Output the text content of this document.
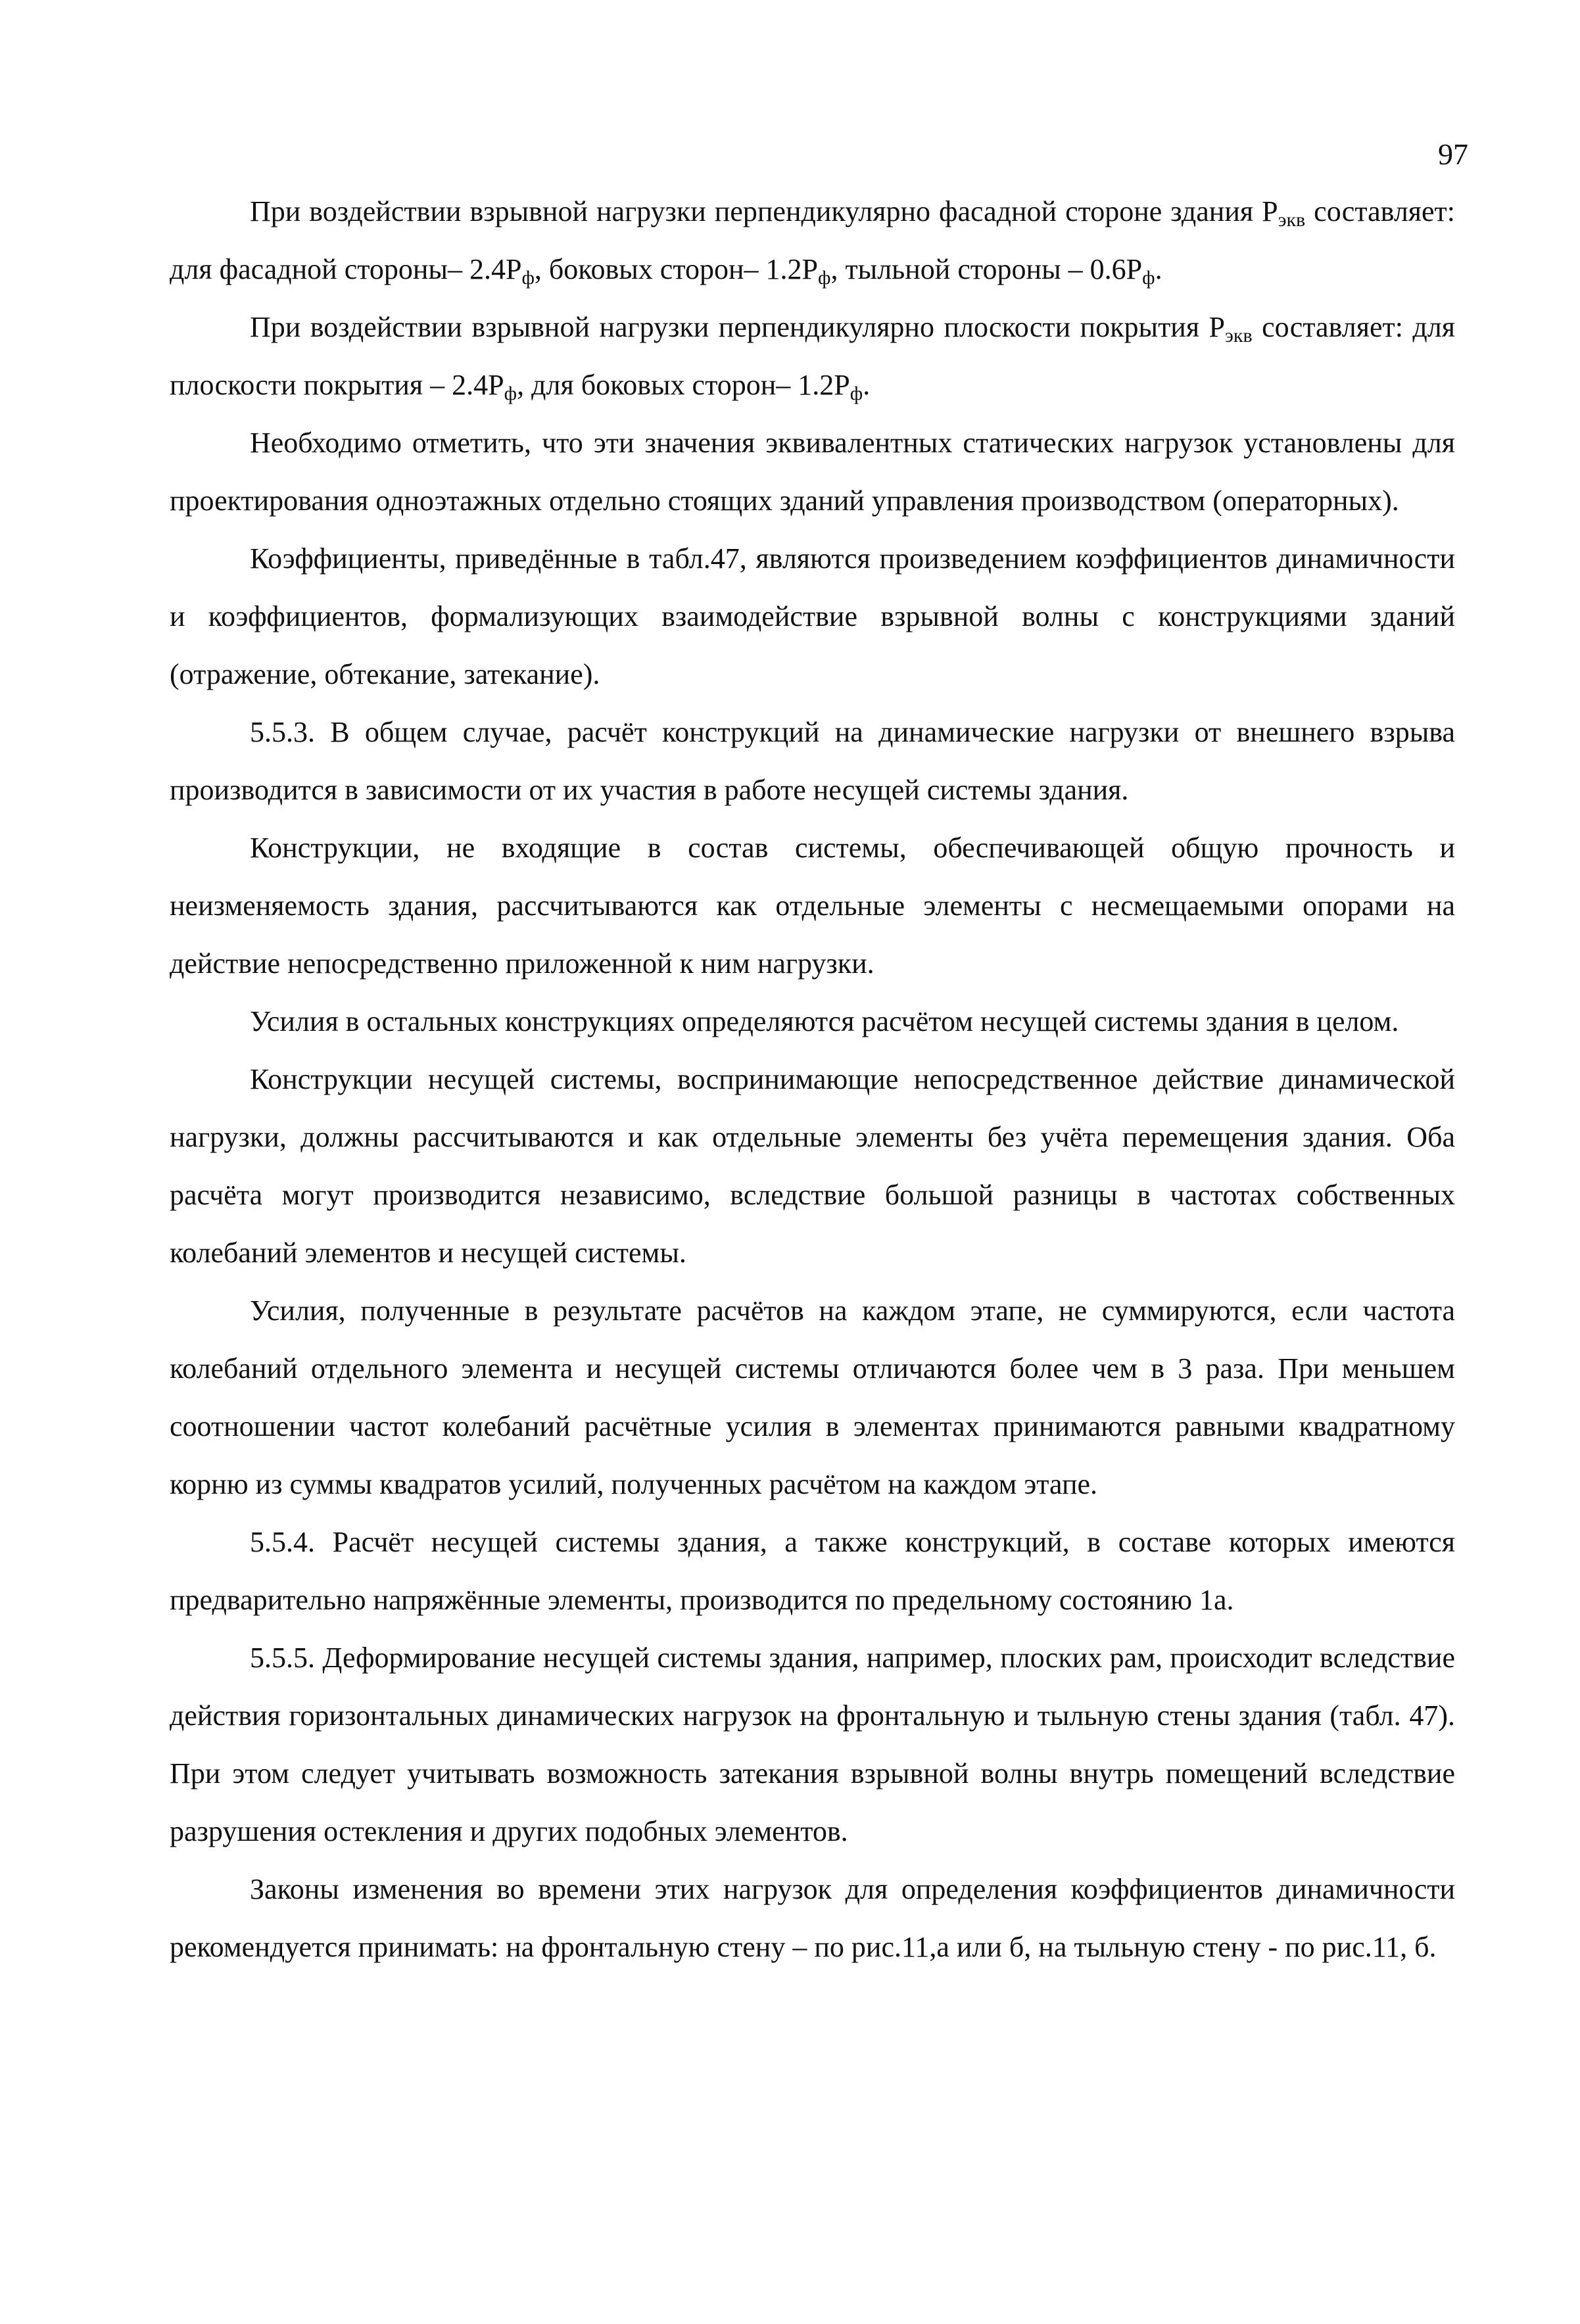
97

При воздействии взрывной нагрузки перпендикулярно фасадной стороне здания $P_{экв}$ составляет: для фасадной стороны– $2.4P_ф$, боковых сторон– $1.2P_ф$, тыльной стороны – $0.6P_ф$.

При воздействии взрывной нагрузки перпендикулярно плоскости покрытия $P_{экв}$ составляет: для плоскости покрытия – $2.4P_ф$, для боковых сторон– $1.2P_ф$.

Необходимо отметить, что эти значения эквивалентных статических нагрузок установлены для проектирования одноэтажных отдельно стоящих зданий управления производством (операторных).

Коэффициенты, приведённые в табл.47, являются произведением коэффициентов динамичности и коэффициентов, формализующих взаимодействие взрывной волны с конструкциями зданий (отражение, обтекание, затекание).

5.5.3. В общем случае, расчёт конструкций на динамические нагрузки от внешнего взрыва производится в зависимости от их участия в работе несущей системы здания.

Конструкции, не входящие в состав системы, обеспечивающей общую прочность и неизменяемость здания, рассчитываются как отдельные элементы с несмещаемыми опорами на действие непосредственно приложенной к ним нагрузки.

Усилия в остальных конструкциях определяются расчётом несущей системы здания в целом.

Конструкции несущей системы, воспринимающие непосредственное действие динамической нагрузки, должны рассчитываются и как отдельные элементы без учёта перемещения здания. Оба расчёта могут производится независимо, вследствие большой разницы в частотах собственных колебаний элементов и несущей системы.

Усилия, полученные в результате расчётов на каждом этапе, не суммируются, если частота колебаний отдельного элемента и несущей системы отличаются более чем в 3 раза. При меньшем соотношении частот колебаний расчётные усилия в элементах принимаются равными квадратному корню из суммы квадратов усилий, полученных расчётом на каждом этапе.

5.5.4. Расчёт несущей системы здания, а также конструкций, в составе которых имеются предварительно напряжённые элементы, производится по предельному состоянию 1а.

5.5.5. Деформирование несущей системы здания, например, плоских рам, происходит вследствие действия горизонтальных динамических нагрузок на фронтальную и тыльную стены здания (табл. 47). При этом следует учитывать возможность затекания взрывной волны внутрь помещений вследствие разрушения остекления и других подобных элементов.

Законы изменения во времени этих нагрузок для определения коэффициентов динамичности рекомендуется принимать: на фронтальную стену – по рис.11,а или б, на тыльную стену - по рис.11, б.
